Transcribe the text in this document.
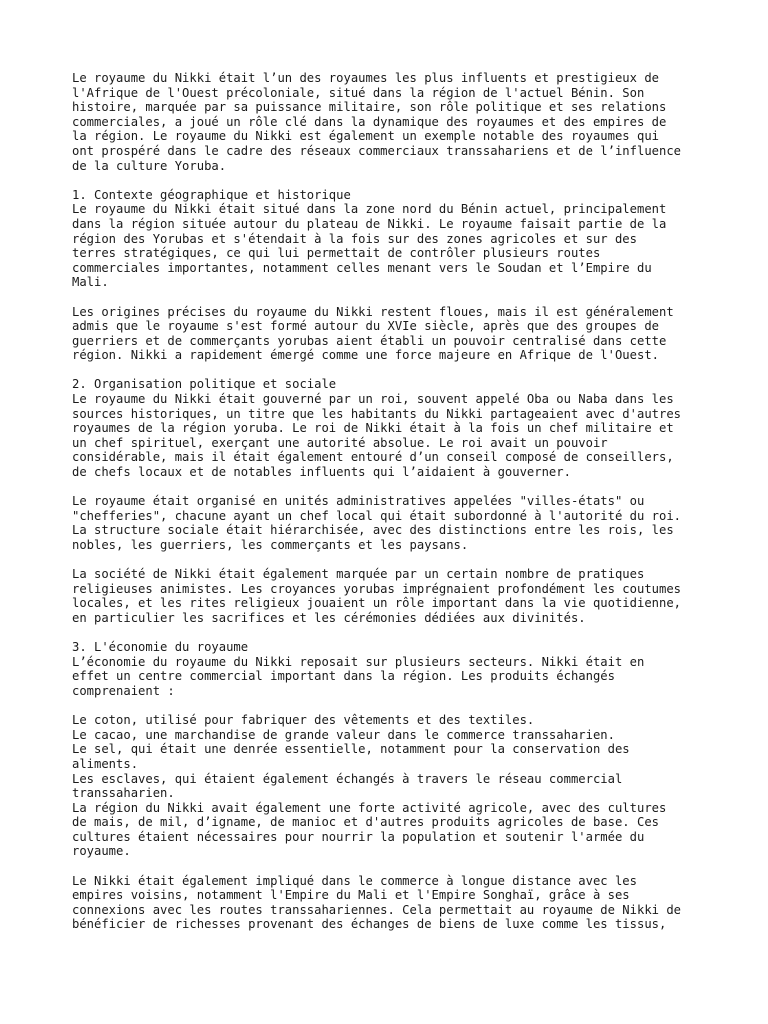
Le royaume du Nikki était l’un des royaumes les plus influents et prestigieux de
l'Afrique de l'Ouest précoloniale, situé dans la région de l'actuel Bénin. Son
histoire, marquée par sa puissance militaire, son rôle politique et ses relations
commerciales, a joué un rôle clé dans la dynamique des royaumes et des empires de
la région. Le royaume du Nikki est également un exemple notable des royaumes qui
ont prospéré dans le cadre des réseaux commerciaux transsahariens et de l’influence
de la culture Yoruba.
1. Contexte géographique et historique
Le royaume du Nikki était situé dans la zone nord du Bénin actuel, principalement
dans la région située autour du plateau de Nikki. Le royaume faisait partie de la
région des Yorubas et s'étendait à la fois sur des zones agricoles et sur des
terres stratégiques, ce qui lui permettait de contrôler plusieurs routes
commerciales importantes, notamment celles menant vers le Soudan et l’Empire du
Mali.
Les origines précises du royaume du Nikki restent floues, mais il est généralement
admis que le royaume s'est formé autour du XVIe siècle, après que des groupes de
guerriers et de commerçants yorubas aient établi un pouvoir centralisé dans cette
région. Nikki a rapidement émergé comme une force majeure en Afrique de l'Ouest.
2. Organisation politique et sociale
Le royaume du Nikki était gouverné par un roi, souvent appelé Oba ou Naba dans les
sources historiques, un titre que les habitants du Nikki partageaient avec d'autres
royaumes de la région yoruba. Le roi de Nikki était à la fois un chef militaire et
un chef spirituel, exerçant une autorité absolue. Le roi avait un pouvoir
considérable, mais il était également entouré d’un conseil composé de conseillers,
de chefs locaux et de notables influents qui l’aidaient à gouverner.
Le royaume était organisé en unités administratives appelées "villes-états" ou
"chefferies", chacune ayant un chef local qui était subordonné à l'autorité du roi.
La structure sociale était hiérarchisée, avec des distinctions entre les rois, les
nobles, les guerriers, les commerçants et les paysans.
La société de Nikki était également marquée par un certain nombre de pratiques
religieuses animistes. Les croyances yorubas imprégnaient profondément les coutumes
locales, et les rites religieux jouaient un rôle important dans la vie quotidienne,
en particulier les sacrifices et les cérémonies dédiées aux divinités.
3. L'économie du royaume
L’économie du royaume du Nikki reposait sur plusieurs secteurs. Nikki était en
effet un centre commercial important dans la région. Les produits échangés
comprenaient :
Le coton, utilisé pour fabriquer des vêtements et des textiles.
Le cacao, une marchandise de grande valeur dans le commerce transsaharien.
Le sel, qui était une denrée essentielle, notamment pour la conservation des
aliments.
Les esclaves, qui étaient également échangés à travers le réseau commercial
transsaharien.
La région du Nikki avait également une forte activité agricole, avec des cultures
de mais, de mil, d’igname, de manioc et d'autres produits agricoles de base. Ces
cultures étaient nécessaires pour nourrir la population et soutenir l'armée du
royaume.
Le Nikki était également impliqué dans le commerce à longue distance avec les
empires voisins, notamment l'Empire du Mali et l'Empire Songhaï, grâce à ses
connexions avec les routes transsahariennes. Cela permettait au royaume de Nikki de
bénéficier de richesses provenant des échanges de biens de luxe comme les tissus,
